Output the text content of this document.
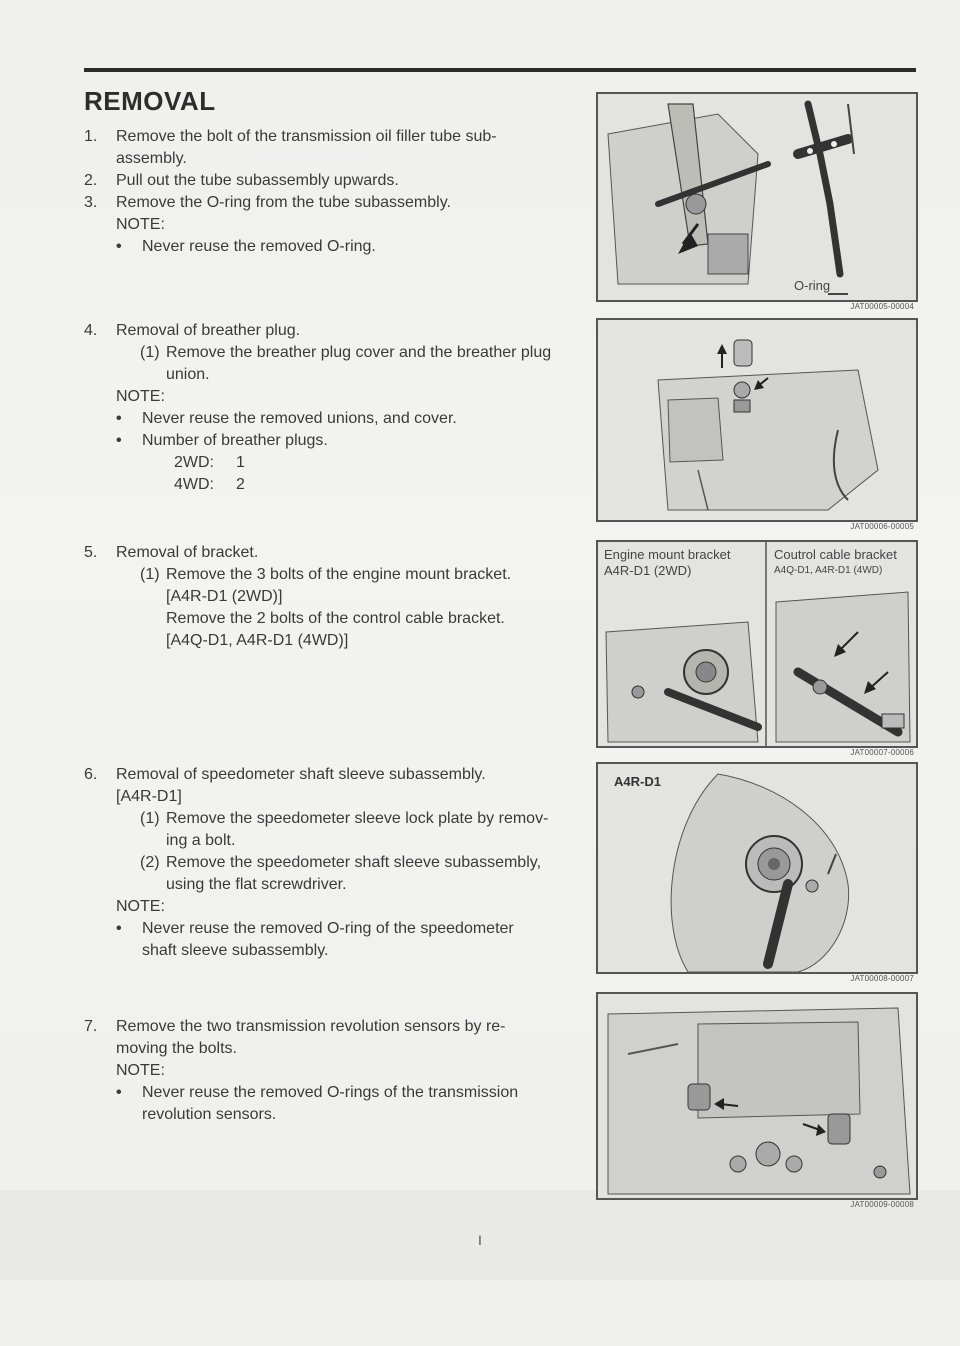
REMOVAL
1. Remove the bolt of the transmission oil filler tube sub-
assembly.
2. Pull out the tube subassembly upwards.
3. Remove the O-ring from the tube subassembly.
NOTE:
• Never reuse the removed O-ring.
4. Removal of breather plug.
(1) Remove the breather plug cover and the breather plug
union.
NOTE:
• Never reuse the removed unions, and cover.
• Number of breather plugs.
2WD:	1
4WD:	2
5. Removal of bracket.
(1) Remove the 3 bolts of the engine mount bracket.
[A4R-D1 (2WD)]
Remove the 2 bolts of the control cable bracket.
[A4Q-D1, A4R-D1 (4WD)]
6. Removal of speedometer shaft sleeve subassembly.
[A4R-D1]
(1) Remove the speedometer sleeve lock plate by remov-
ing a bolt.
(2) Remove the speedometer shaft sleeve subassembly,
using the flat screwdriver.
NOTE:
• Never reuse the removed O-ring of the speedometer
shaft sleeve subassembly.
7. Remove the two transmission revolution sensors by re-
moving the bolts.
NOTE:
• Never reuse the removed O-rings of the transmission
revolution sensors.
O-ring
JAT00005-00004
JAT00006-00005
Engine mount bracket
A4R-D1 (2WD)
Coutrol cable bracket
A4Q-D1, A4R-D1 (4WD)
JAT00007-00006
A4R-D1
JAT00008-00007
JAT00009-00008
I
